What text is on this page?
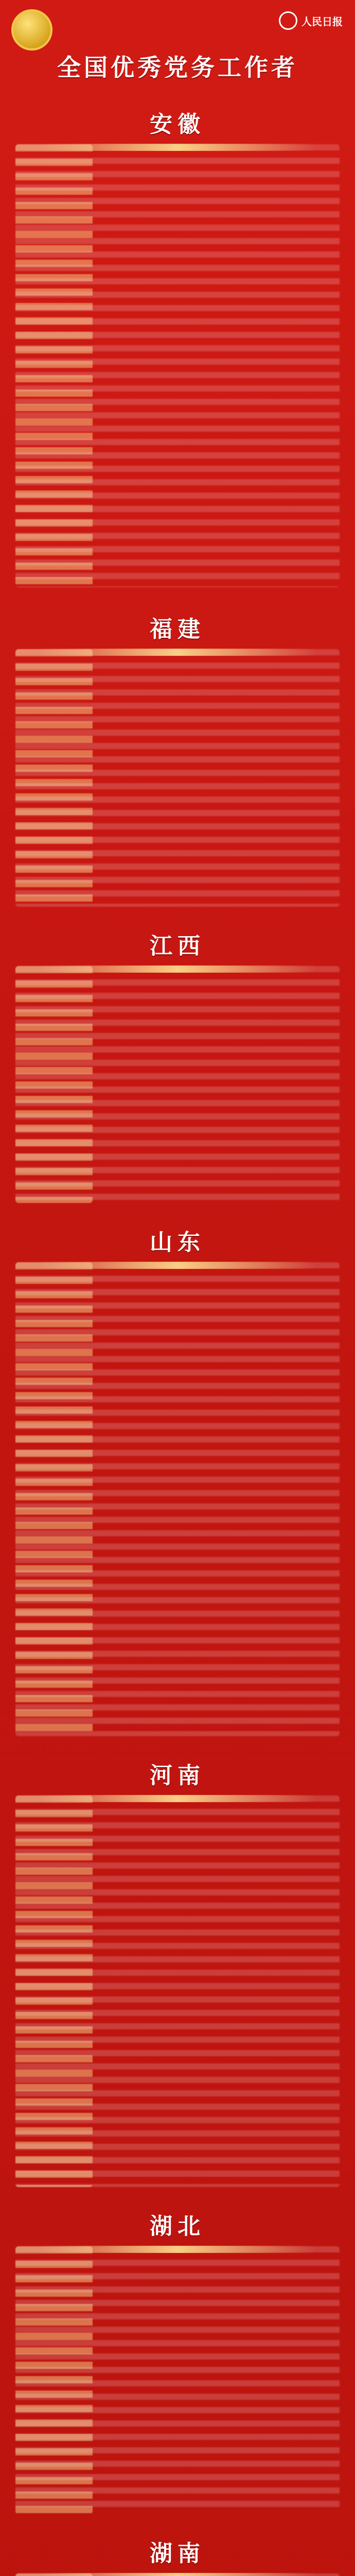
人民日报
全国优秀党务工作者
安徽
福建
江西
山东
河南
湖北
湖南
